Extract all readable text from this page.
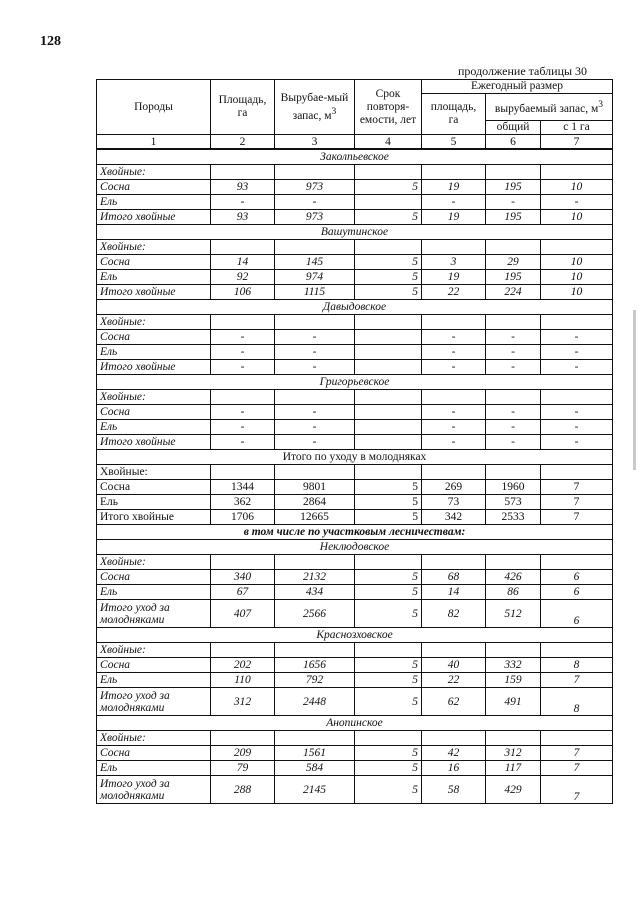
128
продолжение таблицы 30
Породы	Площадь, га	Вырубае-мый запас, $м^3$	Срок повторя-емости, лет	Ежегодный размер		
				площадь, га	вырубаемый запас, $м^3$
					общий	с 1 га
1	2	3	4	5	6	7
Заколпьевское						
Хвойные:						
Сосна	93	973	5	19	195	10
Ель	-	-		-	-	-
Итого хвойные	93	973	5	19	195	10
Вашутинское						
Хвойные:						
Сосна	14	145	5	3	29	10
Ель	92	974	5	19	195	10
Итого хвойные	106	1115	5	22	224	10
Давыдовское						
Хвойные:						
Сосна	-	-		-	-	-
Ель	-	-		-	-	-
Итого хвойные	-	-		-	-	-
Григорьевское						
Хвойные:						
Сосна	-	-		-	-	-
Ель	-	-		-	-	-
Итого хвойные	-	-		-	-	-
Итого по уходу в молодняках						
Хвойные:						
Сосна	1344	9801	5	269	1960	7
Ель	362	2864	5	73	573	7
Итого хвойные	1706	12665	5	342	2533	7
в том числе по участковым лесничествам:						
Неклюдовское						
Хвойные:						
Сосна	340	2132	5	68	426	6
Ель	67	434	5	14	86	6
Итого уход за молодняками	407	2566	5	82	512	6
Краснозховское						
Хвойные:						
Сосна	202	1656	5	40	332	8
Ель	110	792	5	22	159	7
Итого уход за молодняками	312	2448	5	62	491	8
Анопинское						
Хвойные:						
Сосна	209	1561	5	42	312	7
Ель	79	584	5	16	117	7
Итого уход за молодняками	288	2145	5	58	429	7
